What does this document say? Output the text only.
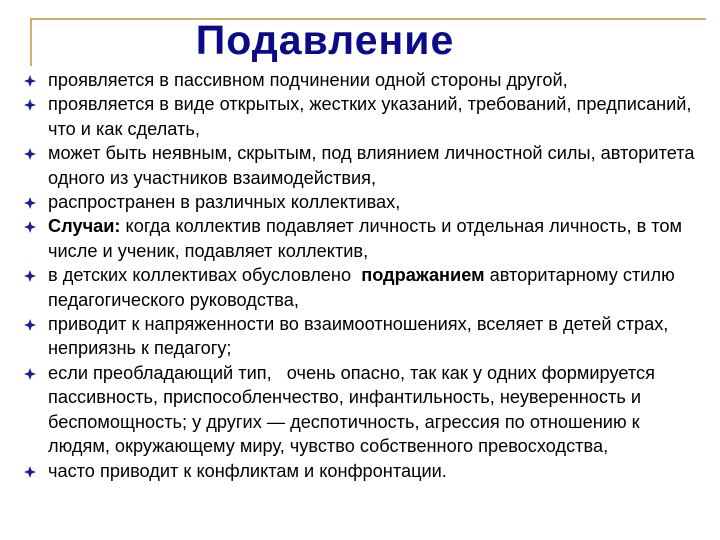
Подавление
проявляется в пассивном подчинении одной стороны другой,
проявляется в виде открытых, жестких указаний, требований, предписаний, что и как сделать,
может быть неявным, скрытым, под влиянием личностной силы, авторитета одного из участников взаимодействия,
распространен в различных коллективах,
Случаи: когда коллектив подавляет личность и отдельная личность, в том числе и ученик, подавляет коллектив,
в детских коллективах обусловлено  подражанием авторитарному стилю педагогического руководства,
приводит к напряженности во взаимоотношениях, вселяет в детей страх, неприязнь к педагогу;
если преобладающий тип,   очень опасно, так как у одних формируется пассивность, приспособленчество, инфантильность, неуверенность и беспомощность; у других — деспотичность, агрессия по отношению к людям, окружающему миру, чувство собственного превосходства,
часто приводит к конфликтам и конфронтации.
